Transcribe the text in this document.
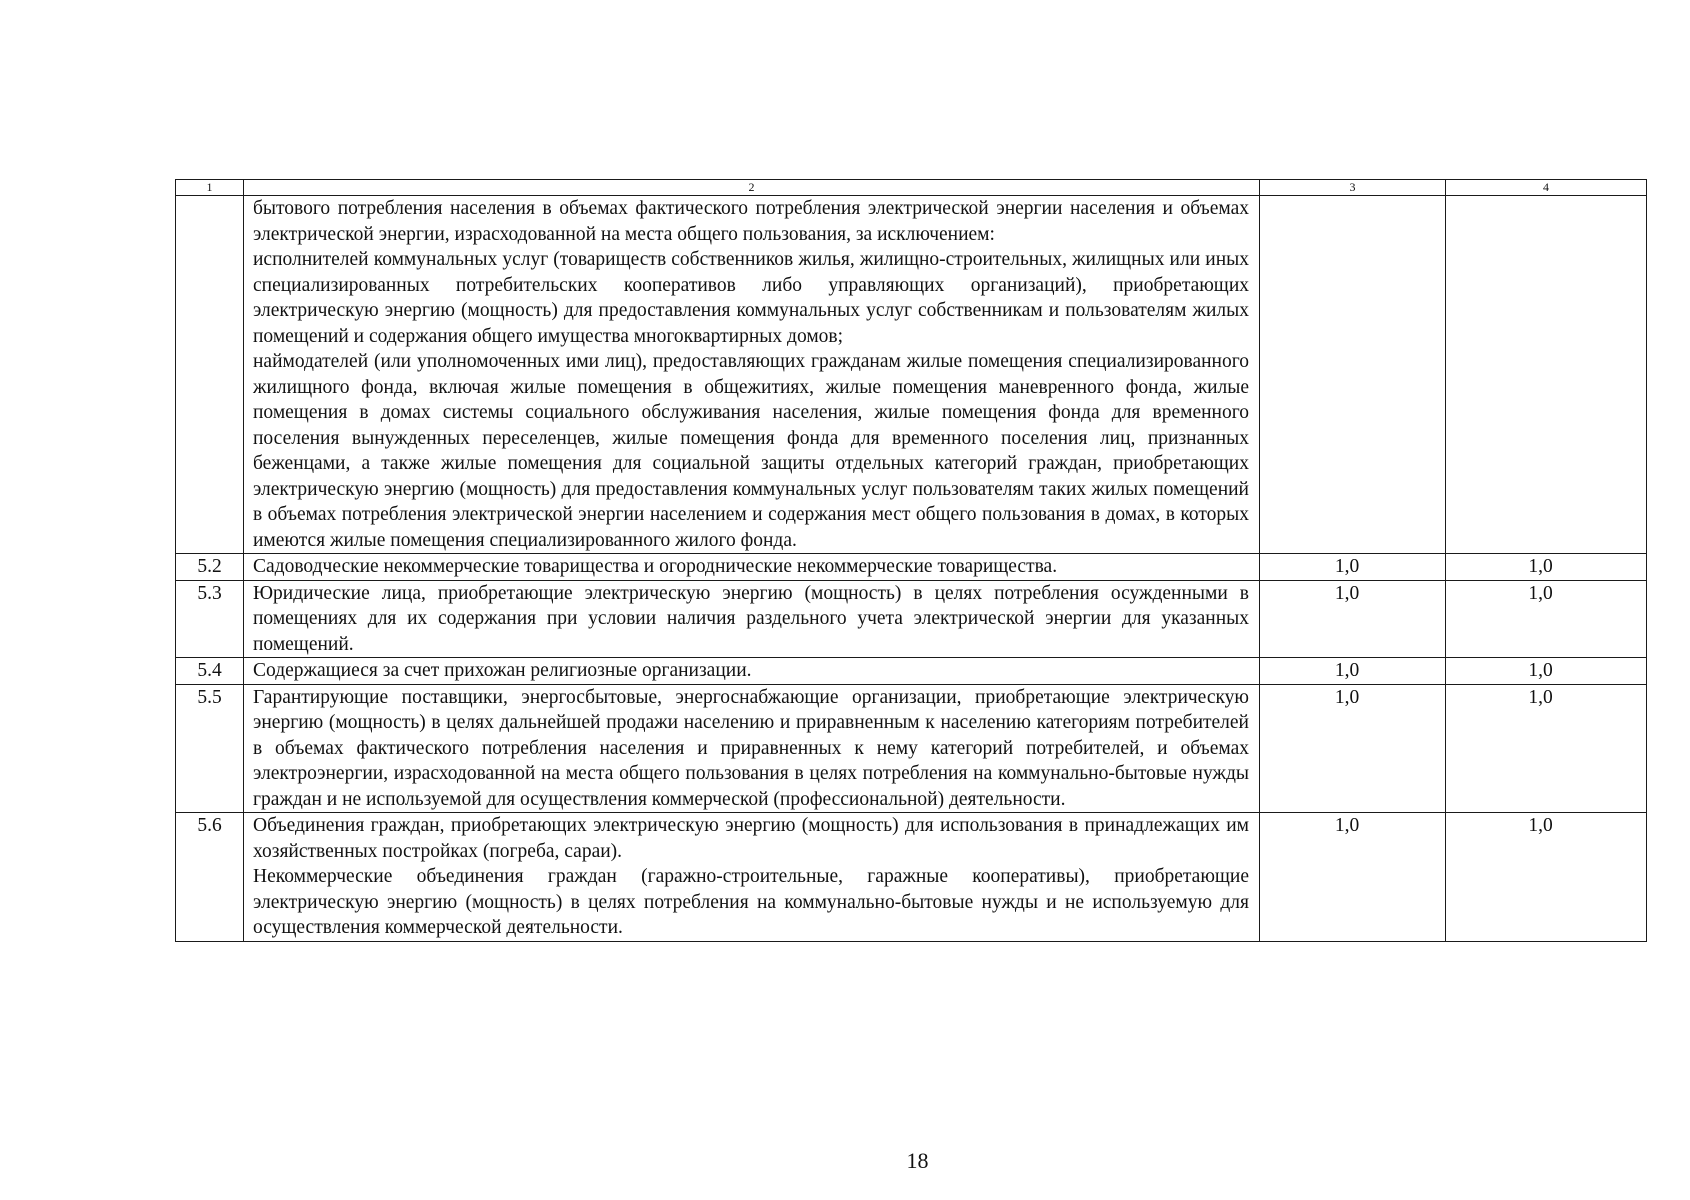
1	2	3	4

	бытового потребления населения в объемах фактического потребления электрической энергии населения и объемах электрической энергии, израсходованной на места общего пользования, за исключением:
исполнителей коммунальных услуг (товариществ собственников жилья, жилищно-строительных, жилищных или иных специализированных потребительских кооперативов либо управляющих организаций), приобретающих электрическую энергию (мощность) для предоставления коммунальных услуг собственникам и пользователям жилых помещений и содержания общего имущества многоквартирных домов;
наймодателей (или уполномоченных ими лиц), предоставляющих гражданам жилые помещения специализированного жилищного фонда, включая жилые помещения в общежитиях, жилые помещения маневренного фонда, жилые помещения в домах системы социального обслуживания населения, жилые помещения фонда для временного поселения вынужденных переселенцев, жилые помещения фонда для временного поселения лиц, признанных беженцами, а также жилые помещения для социальной защиты отдельных категорий граждан, приобретающих электрическую энергию (мощность) для предоставления коммунальных услуг пользователям таких жилых помещений в объемах потребления электрической энергии населением и содержания мест общего пользования в домах, в которых имеются жилые помещения специализированного жилого фонда.		

5.2	Садоводческие некоммерческие товарищества и огороднические некоммерческие товарищества.	1,0	1,0
5.3	Юридические лица, приобретающие электрическую энергию (мощность) в целях потребления осужденными в помещениях для их содержания при условии наличия раздельного учета электрической энергии для указанных помещений.	1,0	1,0
5.4	Содержащиеся за счет прихожан религиозные организации.	1,0	1,0
5.5	Гарантирующие поставщики, энергосбытовые, энергоснабжающие организации, приобретающие электрическую энергию (мощность) в целях дальнейшей продажи населению и приравненным к населению категориям потребителей в объемах фактического потребления населения и приравненных к нему категорий потребителей, и объемах электроэнергии, израсходованной на места общего пользования в целях потребления на коммунально-бытовые нужды граждан и не используемой для осуществления коммерческой (профессиональной) деятельности.	1,0	1,0
5.6	Объединения граждан, приобретающих электрическую энергию (мощность) для использования в принадлежащих им хозяйственных постройках (погреба, сараи).
Некоммерческие объединения граждан (гаражно-строительные, гаражные кооперативы), приобретающие электрическую энергию (мощность) в целях потребления на коммунально-бытовые нужды и не используемую для осуществления коммерческой деятельности.	1,0	1,0
18
